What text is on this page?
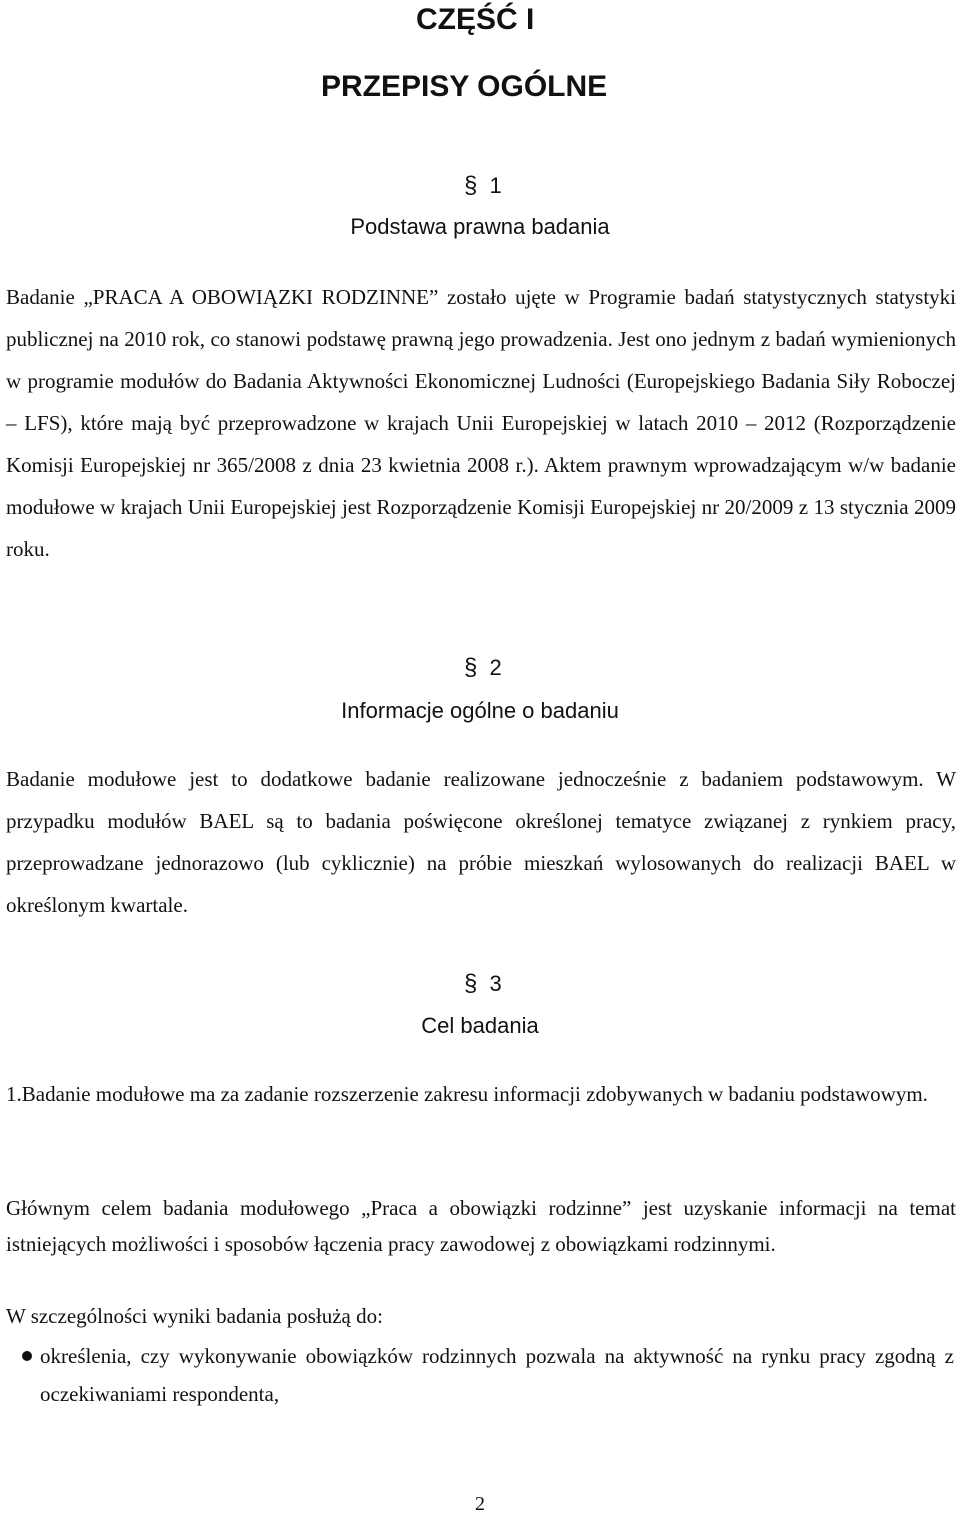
CZĘŚĆ I
PRZEPISY OGÓLNE
§ 1
Podstawa prawna badania
Badanie „PRACA A OBOWIĄZKI RODZINNE” zostało ujęte w Programie badań statystycznych statystyki publicznej na 2010 rok, co stanowi podstawę prawną jego prowadzenia. Jest ono jednym z badań wymienionych w programie modułów do Badania Aktywności Ekonomicznej Ludności (Europejskiego Badania Siły Roboczej – LFS), które mają być przeprowadzone w krajach Unii Europejskiej w latach 2010 – 2012 (Rozporządzenie Komisji Europejskiej nr 365/2008 z dnia 23 kwietnia 2008 r.). Aktem prawnym wprowadzającym w/w badanie modułowe w krajach Unii Europejskiej jest Rozporządzenie Komisji Europejskiej nr 20/2009 z 13 stycznia 2009 roku.
§ 2
Informacje ogólne o badaniu
Badanie modułowe jest to dodatkowe badanie realizowane jednocześnie z badaniem podstawowym. W przypadku modułów BAEL są to badania poświęcone określonej tematyce związanej z rynkiem pracy, przeprowadzane jednorazowo (lub cyklicznie) na próbie mieszkań wylosowanych do realizacji BAEL w określonym kwartale.
§ 3
Cel badania
1.Badanie modułowe ma za zadanie rozszerzenie zakresu informacji zdobywanych w badaniu podstawowym.
Głównym celem badania modułowego „Praca a obowiązki rodzinne” jest uzyskanie informacji na temat istniejących możliwości i sposobów łączenia pracy zawodowej z obowiązkami rodzinnymi.
W szczególności wyniki badania posłużą do:
określenia, czy wykonywanie obowiązków rodzinnych pozwala na aktywność na rynku pracy zgodną z oczekiwaniami respondenta,
2
